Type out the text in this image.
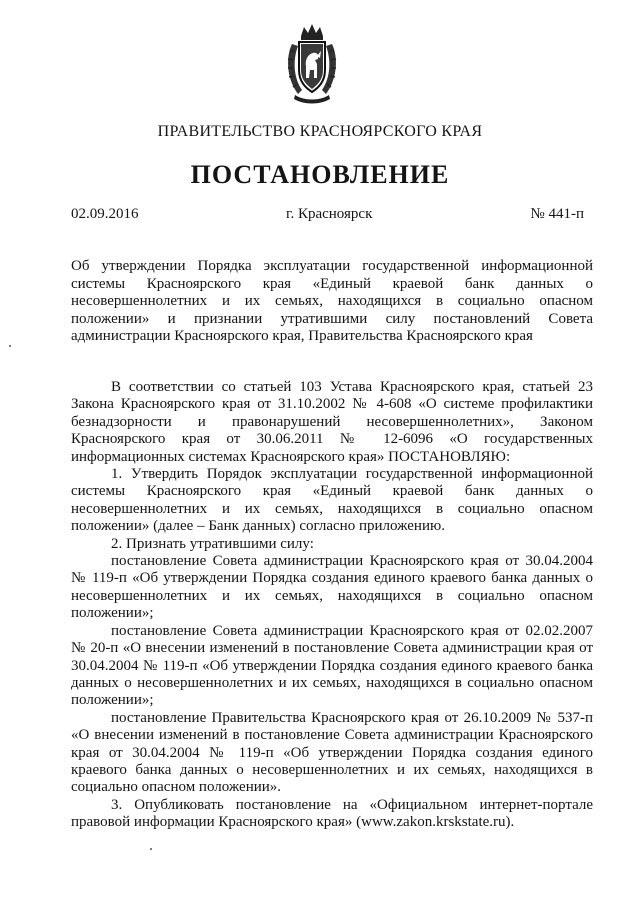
ПРАВИТЕЛЬСТВО КРАСНОЯРСКОГО КРАЯ
ПОСТАНОВЛЕНИЕ
02.09.2016	г. Красноярск	№ 441-п
Об утверждении Порядка эксплуатации государственной информационной системы Красноярского края «Единый краевой банк данных о несовершеннолетних и их семьях, находящихся в социально опасном положении» и признании утратившими силу постановлений Совета администрации Красноярского края, Правительства Красноярского края

В соответствии со статьей 103 Устава Красноярского края, статьей 23 Закона Красноярского края от 31.10.2002 № 4-608 «О системе профилактики безнадзорности и правонарушений несовершеннолетних», Законом Красноярского края от 30.06.2011 № 12-6096 «О государственных информационных системах Красноярского края» ПОСТАНОВЛЯЮ:

1. Утвердить Порядок эксплуатации государственной информационной системы Красноярского края «Единый краевой банк данных о несовершеннолетних и их семьях, находящихся в социально опасном положении» (далее – Банк данных) согласно приложению.

2. Признать утратившими силу:

постановление Совета администрации Красноярского края от 30.04.2004 № 119-п «Об утверждении Порядка создания единого краевого банка данных о несовершеннолетних и их семьях, находящихся в социально опасном положении»;

постановление Совета администрации Красноярского края от 02.02.2007 № 20-п «О внесении изменений в постановление Совета администрации края от 30.04.2004 № 119-п «Об утверждении Порядка создания единого краевого банка данных о несовершеннолетних и их семьях, находящихся в социально опасном положении»;

постановление Правительства Красноярского края от 26.10.2009 № 537-п «О внесении изменений в постановление Совета администрации Красноярского края от 30.04.2004 № 119-п «Об утверждении Порядка создания единого краевого банка данных о несовершеннолетних и их семьях, находящихся в социально опасном положении».

3. Опубликовать постановление на «Официальном интернет-портале правовой информации Красноярского края» (www.zakon.krskstate.ru).
